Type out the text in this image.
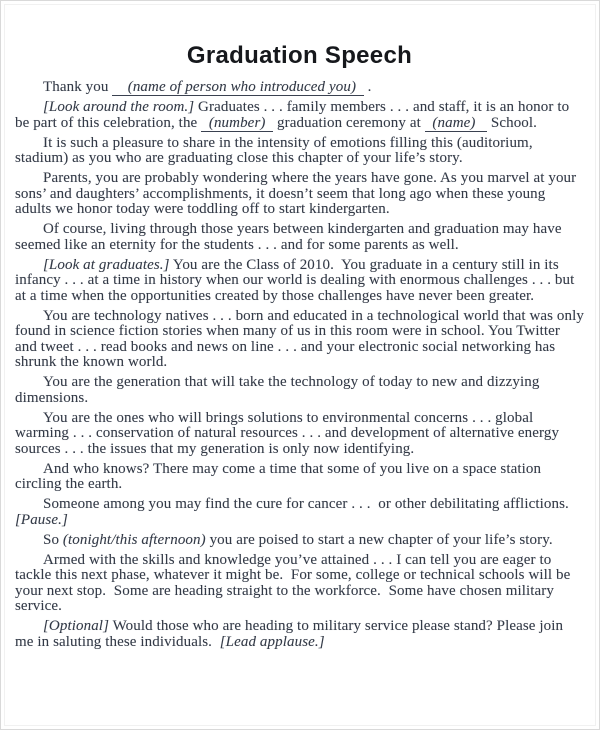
Graduation Speech

Thank you     (name of person who introduced you)   .

[Look around the room.] Graduates . . . family members . . . and staff, it is an honor to be part of this celebration, the   (number)   graduation ceremony at   (name)    School.

It is such a pleasure to share in the intensity of emotions filling this (auditorium, stadium) as you who are graduating close this chapter of your life’s story.

Parents, you are probably wondering where the years have gone. As you marvel at your sons’ and daughters’ accomplishments, it doesn’t seem that long ago when these young adults we honor today were toddling off to start kindergarten.

Of course, living through those years between kindergarten and graduation may have seemed like an eternity for the students . . . and for some parents as well.

[Look at graduates.] You are the Class of 2010.  You graduate in a century still in its infancy . . . at a time in history when our world is dealing with enormous challenges . . . but at a time when the opportunities created by those challenges have never been greater.

You are technology natives . . . born and educated in a technological world that was only found in science fiction stories when many of us in this room were in school. You Twitter and tweet . . . read books and news on line . . . and your electronic social networking has shrunk the known world.

You are the generation that will take the technology of today to new and dizzying dimensions.

You are the ones who will brings solutions to environmental concerns . . . global warming . . . conservation of natural resources . . . and development of alternative energy sources . . . the issues that my generation is only now identifying.

And who knows? There may come a time that some of you live on a space station circling the earth.

Someone among you may find the cure for cancer . . .  or other debilitating afflictions. [Pause.]

So (tonight/this afternoon) you are poised to start a new chapter of your life’s story.

Armed with the skills and knowledge you’ve attained . . . I can tell you are eager to tackle this next phase, whatever it might be.  For some, college or technical schools will be your next stop.  Some are heading straight to the workforce.  Some have chosen military service.

[Optional] Would those who are heading to military service please stand? Please join me in saluting these individuals.  [Lead applause.]
